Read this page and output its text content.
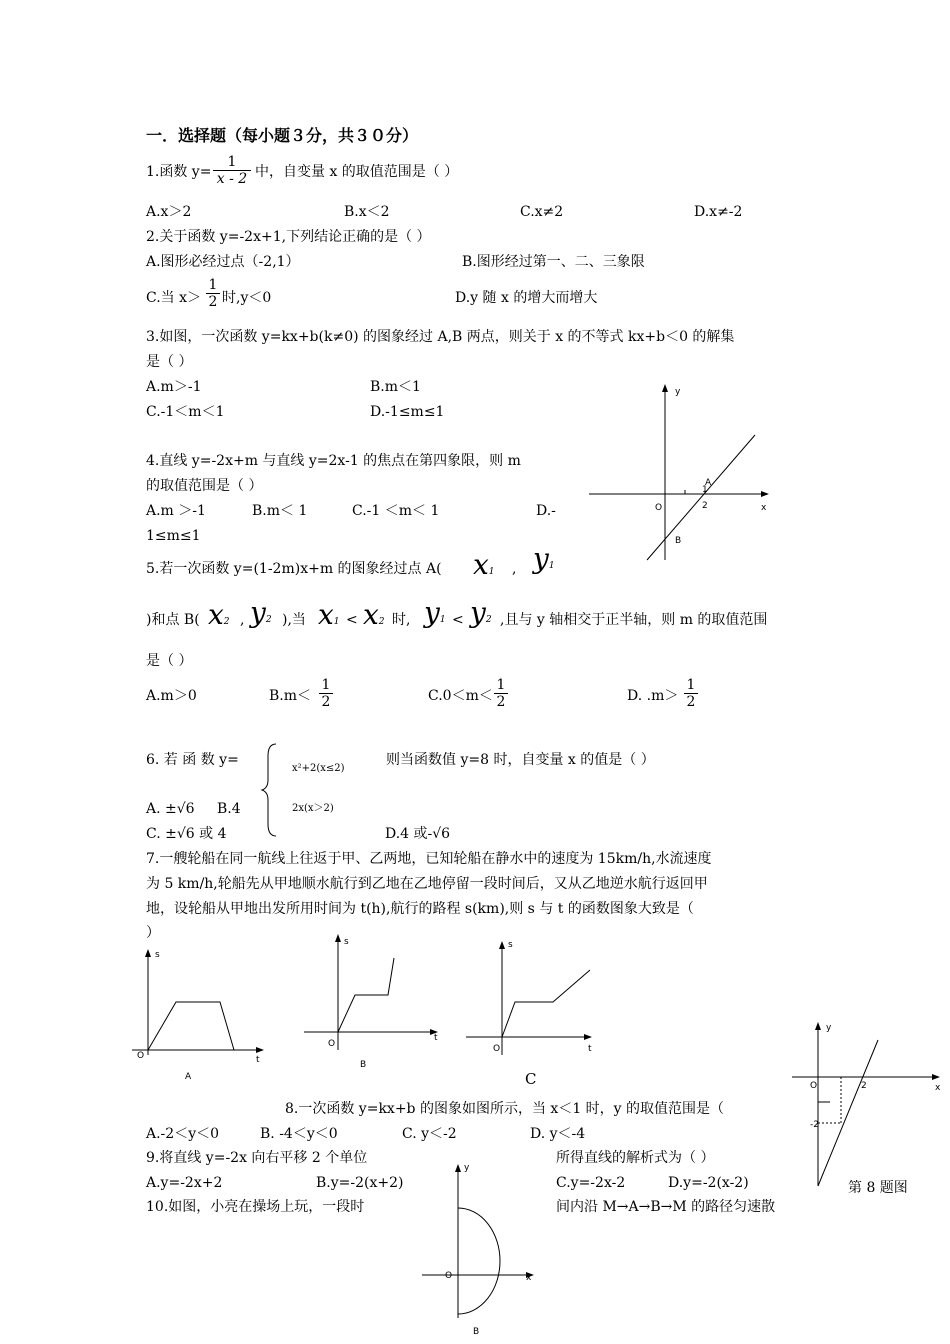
一．选择题（每小题３分，共３０分）
1.函数 y=
1
x - 2 中，自变量 x 的取值范围是（ ）
A.x＞2	B.x＜2	C.x≠2	D.x≠-2
2.关于函数 y=-2x+1,下列结论正确的是（ ）
A.图形必经过点（-2,1）	B.图形经过第一、二、三象限
C.当 x＞
1
2 时,y＜0	D.y 随 x 的增大而增大
3.如图，一次函数 y=kx+b(k≠0) 的图象经过 A,B 两点，则关于 x 的不等式 kx+b＜0 的解集
是（ ）
A.m＞-1	B.m＜1
C.-1＜m＜1	D.-1≤m≤1
y
x
O
A
B
2
1
4.直线 y=-2x+m 与直线 y=2x-1 的焦点在第四象限，则 m
的取值范围是（ ）
A.m ＞-1	B.m＜ 1	C.-1 ＜m＜ 1	D.-
1≤m≤1
5.若一次函数 y=(1-2m)x+m 的图象经过点 A( x1 , y1
)和点 B( x2 , y2 ),当 x1 < x2 时, y1 < y2 ,且与 y 轴相交于正半轴，则 m 的取值范围
是（ ）
A.m＞0	B.m＜
1
2	C.0＜m＜
1
2	D. .m＞
1
2
6. 若 函 数 y=
x²+2(x≤2)
2x(x＞2)
则当函数值 y=8 时，自变量 x 的值是（ ）
A. ±√6 B.4
C. ±√6 或 4	D.4 或-√6
7.一艘轮船在同一航线上往返于甲、乙两地，已知轮船在静水中的速度为 15km/h,水流速度
为 5 km/h,轮船先从甲地顺水航行到乙地在乙地停留一段时间后，又从乙地逆水航行返回甲
地，设轮船从甲地出发所用时间为 t(h),航行的路程 s(km),则 s 与 t 的函数图象大致是（
）
s
t
O
A
s
t
O
B
s
t
O
C
8.一次函数 y=kx+b 的图象如图所示，当 x＜1 时，y 的取值范围是（
A.-2＜y＜0	B. -4＜y＜0	C. y＜-2	D. y＜-4
y
x
O	2
-2
第 8 题图
9.将直线 y=-2x 向右平移 2 个单位	所得直线的解析式为（ ）
A.y=-2x+2	B.y=-2(x+2)	C.y=-2x-2	D.y=-2(x-2)
10.如图，小亮在操场上玩，一段时	间内沿 M→A→B→M 的路径匀速散
y
x
O
B
